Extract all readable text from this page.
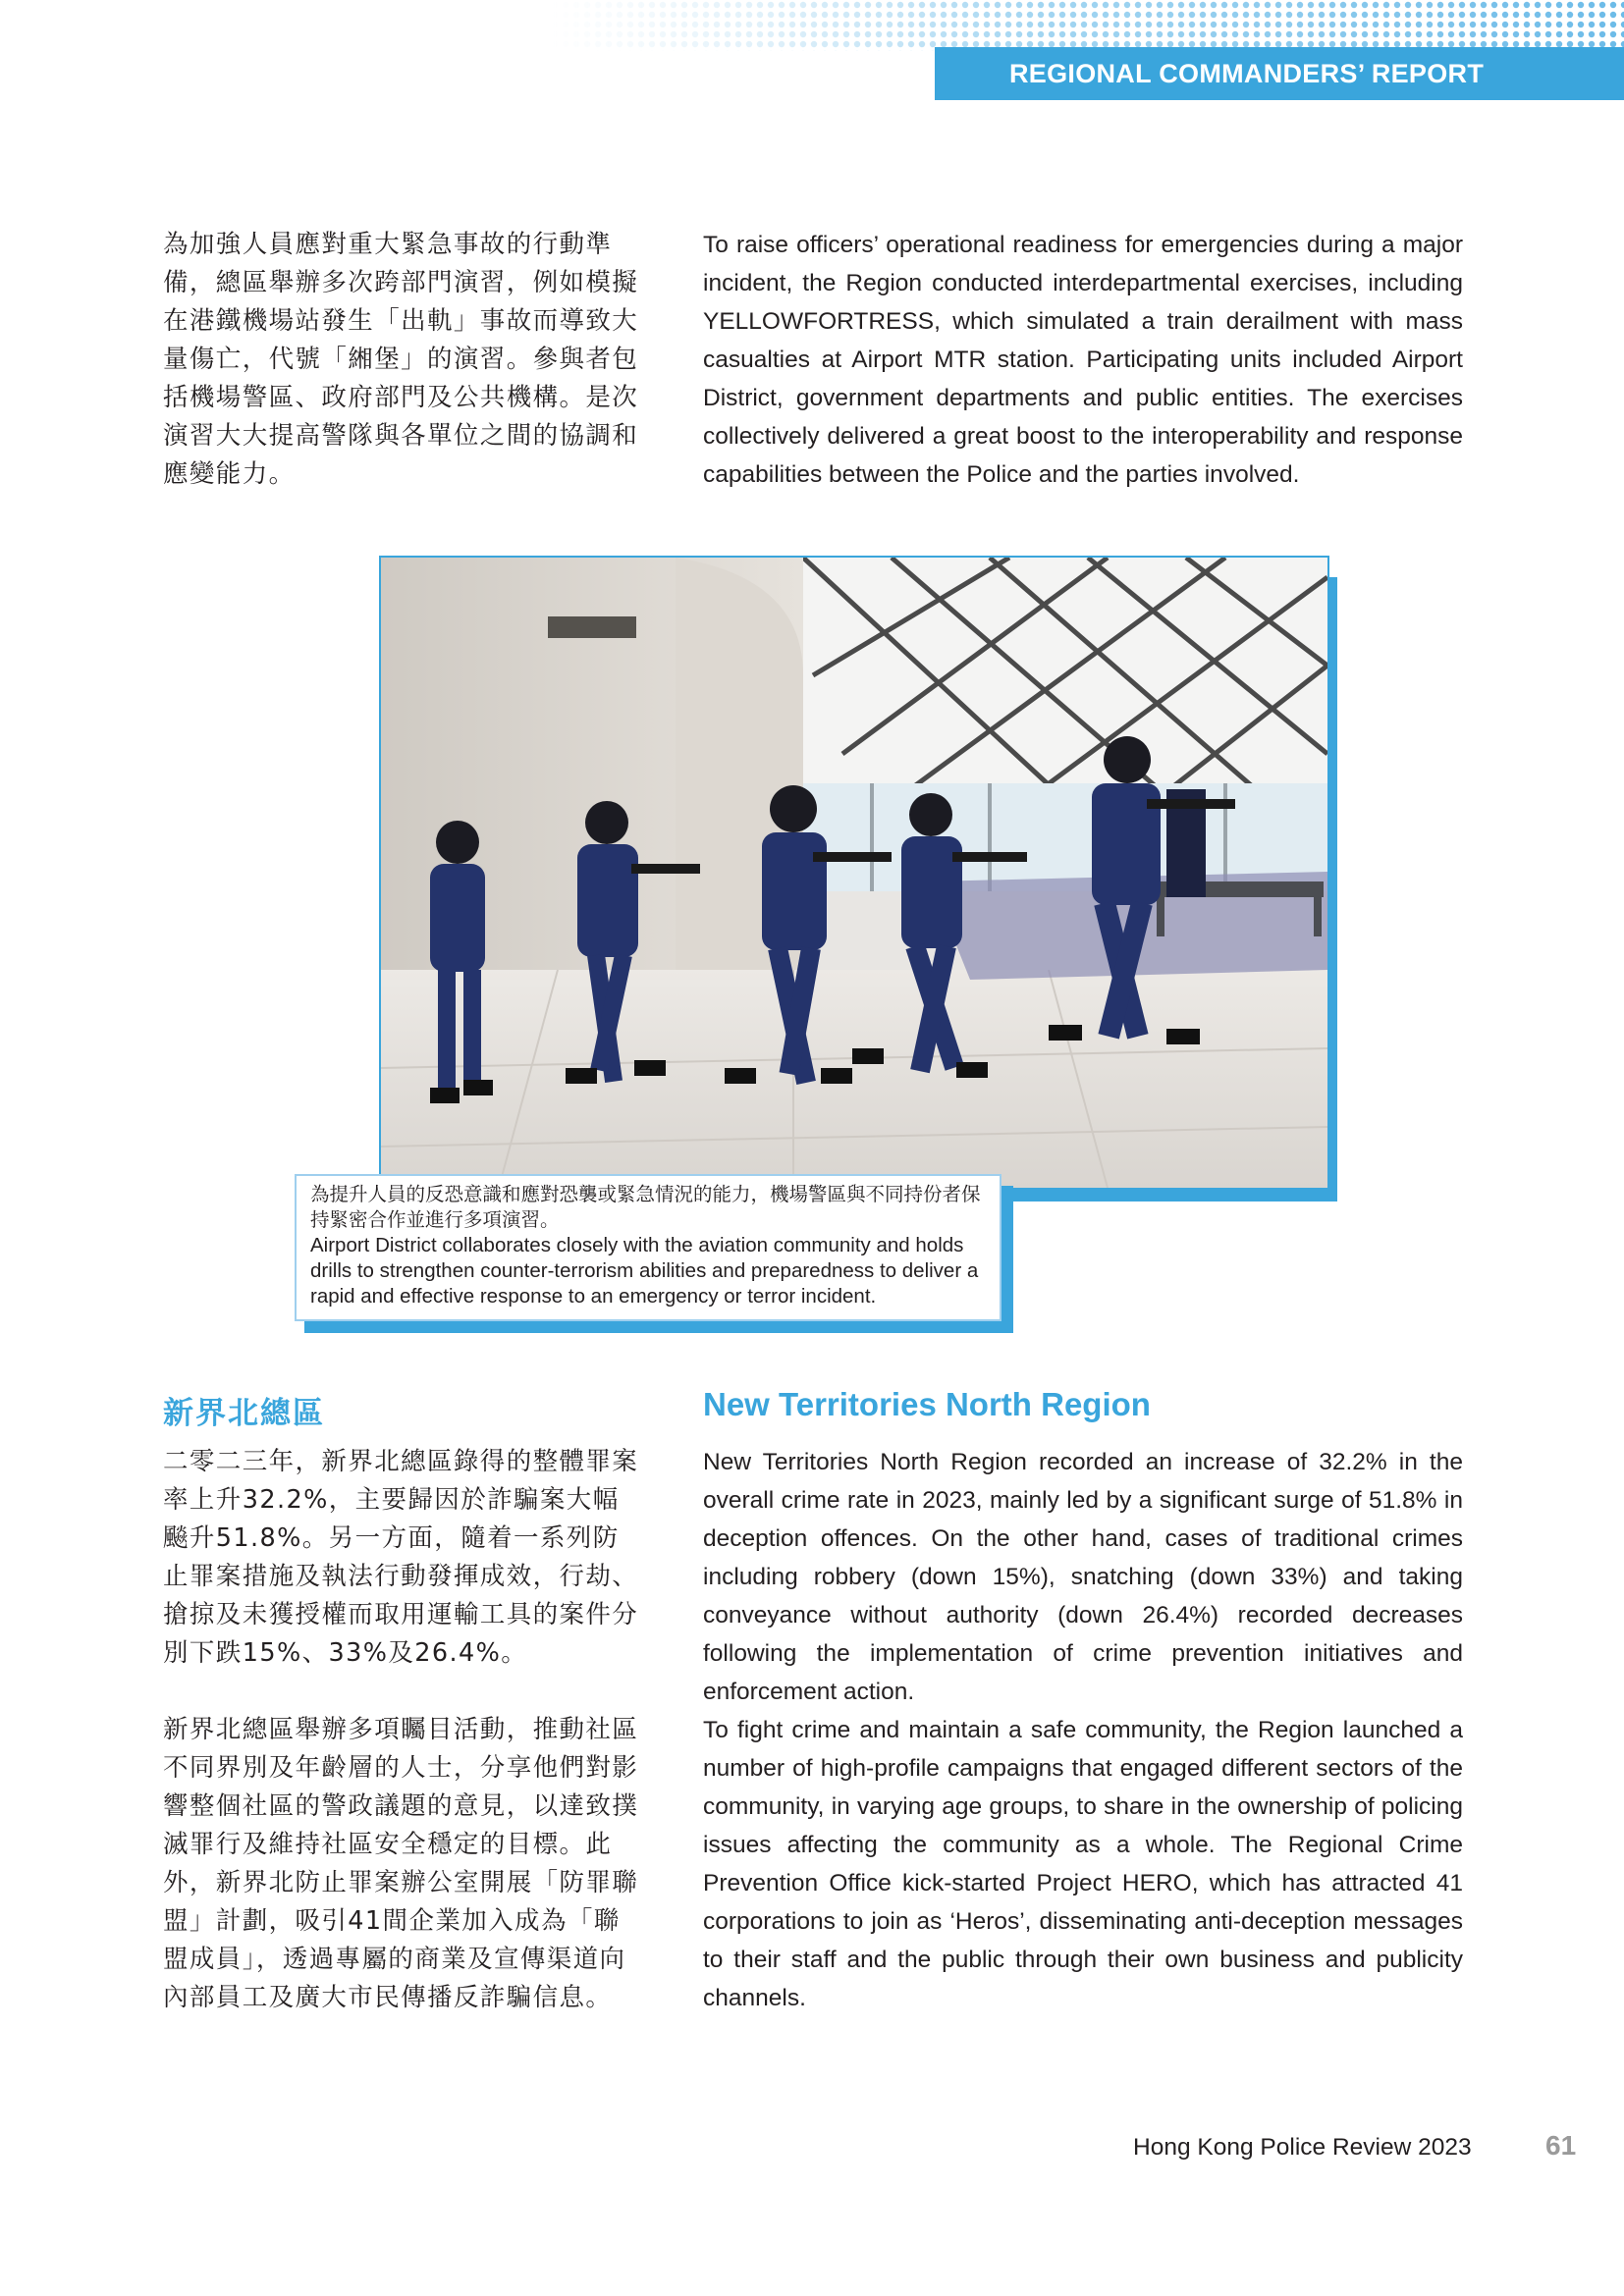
REGIONAL COMMANDERS’ REPORT

為加強人員應對重大緊急事故的行動準備，總區舉辦多次跨部門演習，例如模擬在港鐵機場站發生「出軌」事故而導致大量傷亡，代號「緗堡」的演習。參與者包括機場警區、政府部門及公共機構。是次演習大大提高警隊與各單位之間的協調和應變能力。

To raise officers’ operational readiness for emergencies during a major incident, the Region conducted interdepartmental exercises, including YELLOWFORTRESS, which simulated a train derailment with mass casualties at Airport MTR station. Participating units included Airport District, government departments and public entities. The exercises collectively delivered a great boost to the interoperability and response capabilities between the Police and the parties involved.

為提升人員的反恐意識和應對恐襲或緊急情況的能力，機場警區與不同持份者保持緊密合作並進行多項演習。

Airport District collaborates closely with the aviation community and holds drills to strengthen counter-terrorism abilities and preparedness to deliver a rapid and effective response to an emergency or terror incident.

新界北總區	New Territories North Region

二零二三年，新界北總區錄得的整體罪案率上升32.2%，主要歸因於詐騙案大幅飈升51.8%。另一方面，隨着一系列防止罪案措施及執法行動發揮成效，行劫、搶掠及未獲授權而取用運輸工具的案件分別下跌15%、33%及26.4%。

New Territories North Region recorded an increase of 32.2% in the overall crime rate in 2023, mainly led by a significant surge of 51.8% in deception offences. On the other hand, cases of traditional crimes including robbery (down 15%), snatching (down 33%) and taking conveyance without authority (down 26.4%) recorded decreases following the implementation of crime prevention initiatives and enforcement action.

新界北總區舉辦多項矚目活動，推動社區不同界別及年齡層的人士，分享他們對影響整個社區的警政議題的意見，以達致撲滅罪行及維持社區安全穩定的目標。此外，新界北防止罪案辦公室開展「防罪聯盟」計劃，吸引41間企業加入成為「聯盟成員」，透過專屬的商業及宣傳渠道向內部員工及廣大市民傳播反詐騙信息。

To fight crime and maintain a safe community, the Region launched a number of high-profile campaigns that engaged different sectors of the community, in varying age groups, to share in the ownership of policing issues affecting the community as a whole. The Regional Crime Prevention Office kick-started Project HERO, which has attracted 41 corporations to join as ‘Heros’, disseminating anti-deception messages to their staff and the public through their own business and publicity channels.

Hong Kong Police Review 2023	61
